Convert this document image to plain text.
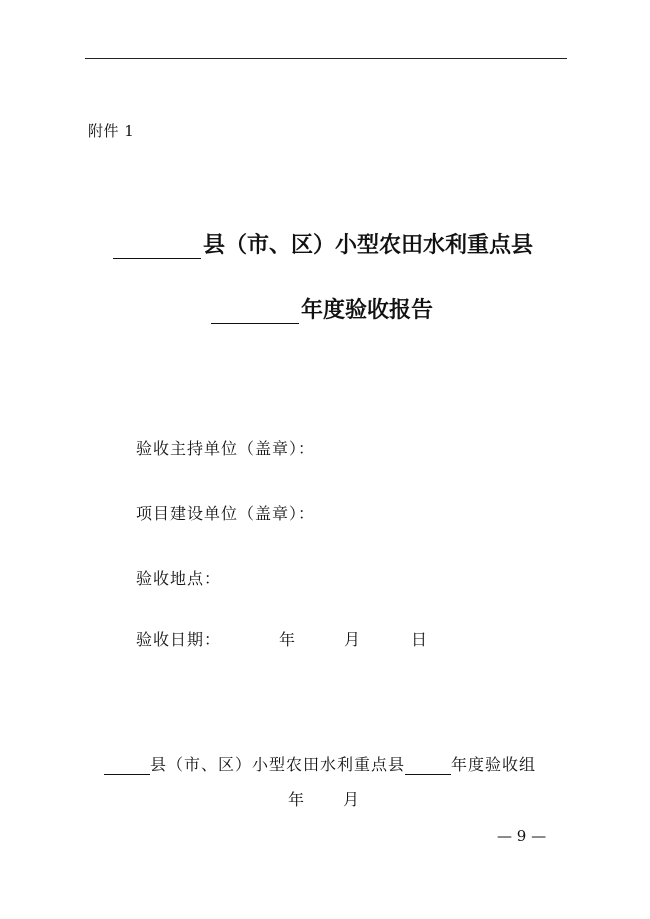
附件 1
县（市、区）小型农田水利重点县
年度验收报告
验收主持单位（盖章）：
项目建设单位（盖章）：
验收地点：
验收日期：	年	月	日
县（市、区）小型农田水利重点县	年度验收组
年 月
— 9 —
